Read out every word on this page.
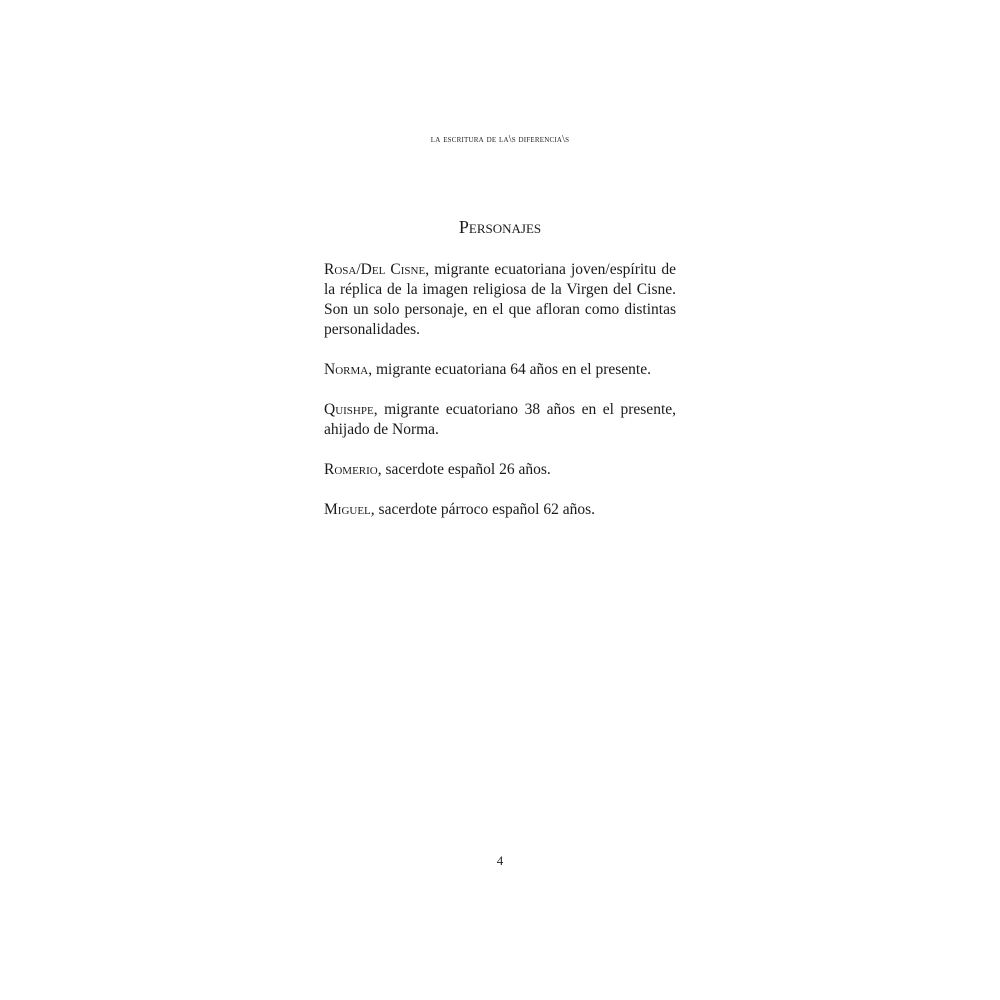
la escritura de la\s diferencia\s
Personajes

Rosa/Del Cisne, migrante ecuatoriana joven/espíritu de la réplica de la imagen religiosa de la Virgen del Cisne. Son un solo personaje, en el que afloran como distintas personalidades.

Norma, migrante ecuatoriana 64 años en el presente.

Quishpe, migrante ecuatoriano 38 años en el presente, ahijado de Norma.

Romerio, sacerdote español 26 años.

Miguel, sacerdote párroco español 62 años.

4
